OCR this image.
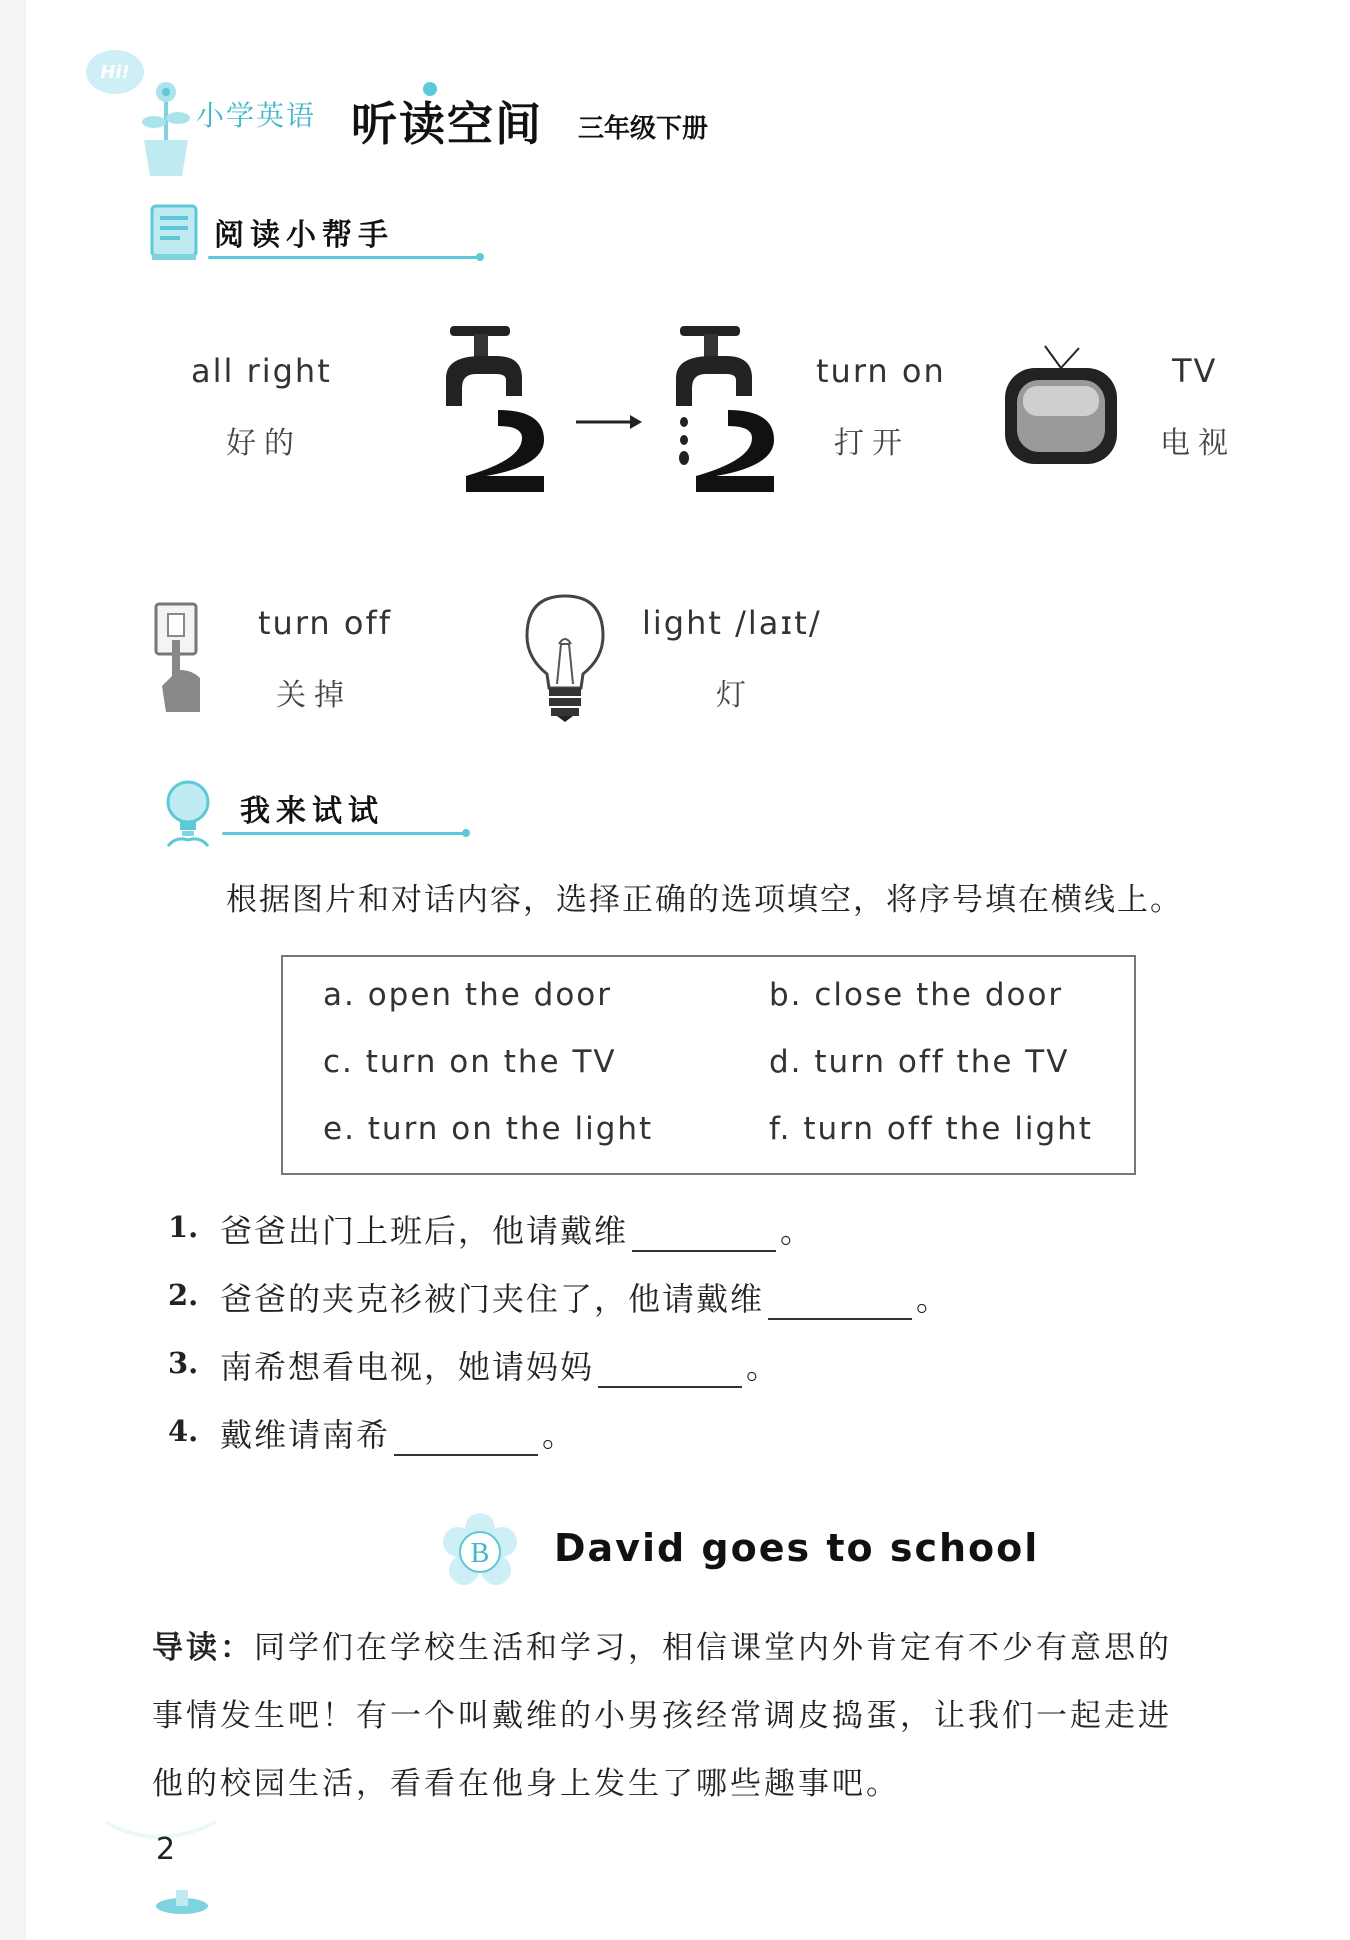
Hi!
小学英语 听读空间 三年级下册
阅读小帮手
all right
好的
turn on
打开
TV
电视
turn off
关掉
light /laɪt/
灯
我来试试
根据图片和对话内容，选择正确的选项填空，将序号填在横线上。
a. open the door	b. close the door
c. turn on the TV	d. turn off the TV
e. turn on the light	f. turn off the light
1. 爸爸出门上班后，他请戴维	。
2. 爸爸的夹克衫被门夹住了，他请戴维	。
3. 南希想看电视，她请妈妈	。
4. 戴维请南希	。
B David goes to school
导读：同学们在学校生活和学习，相信课堂内外肯定有不少有意思的
事情发生吧！有一个叫戴维的小男孩经常调皮捣蛋，让我们一起走进
他的校园生活，看看在他身上发生了哪些趣事吧。
2
